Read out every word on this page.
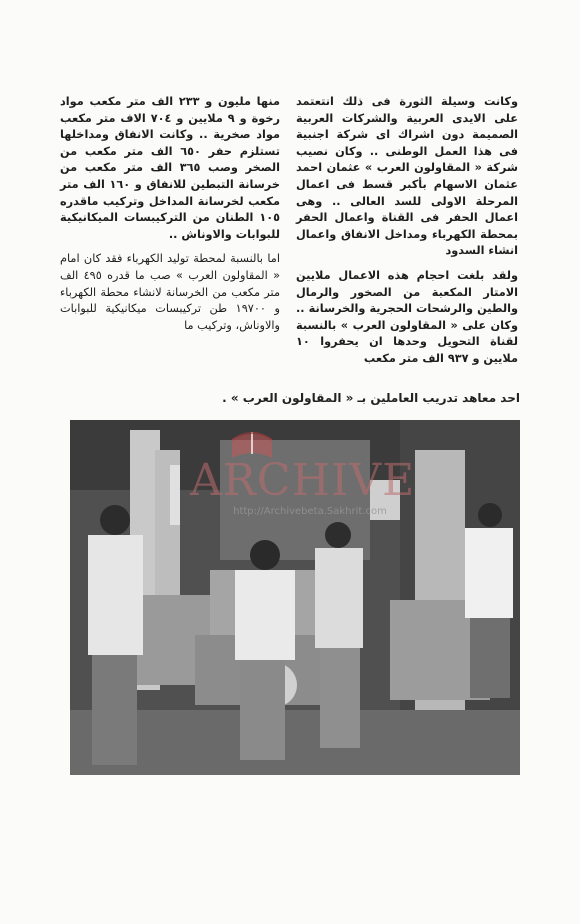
وكانت وسيلة الثورة فى ذلك انتعتمد على الايدى العربية والشركات العربية الصميمة دون اشراك اى شركة اجنبية فى هذا العمل الوطنى .. وكان نصيب شركة « المقاولون العرب » عثمان احمد عثمان الاسهام بأكبر قسط فى اعمال المرحلة الاولى للسد العالى .. وهى اعمال الحفر فى القناة واعمال الحفر بمحطة الكهرباء ومداخل الانفاق واعمال انشاء السدود

ولقد بلغت احجام هذه الاعمال ملايين الامتار المكعبة من الصخور والرمال والطين والرشحات الحجرية والخرسانة .. وكان على « المقاولون العرب » بالنسبة لقناة التحويل وحدها ان يحفروا ١٠ ملايين و ٩٣٧ الف متر مكعب

منها مليون و ٢٣٣ الف متر مكعب مواد رخوة و ٩ ملايين و ٧٠٤ الاف متر مكعب مواد صخرية .. وكانت الانفاق ومداخلها تستلزم حفر ٦٥٠ الف متر مكعب من الصخر وصب ٣٦٥ الف متر مكعب من خرسانة التبطين للانفاق و ١٦٠ الف متر مكعب لخرسانة المداخل وتركيب ماقدره ١٠٥ الطنان من التركيبسات الميكانيكية للبوابات والاوناش ..

اما بالنسبة لمحطة توليد الكهرباء فقد كان امام « المقاولون العرب » صب ما قدره ٤٩٥ الف متر مكعب من الخرسانة لانشاء محطة الكهرباء و ١٩٧٠٠ طن تركيبسات ميكانيكية للبوابات والاوناش، وتركيب ما

احد معاهد تدريب العاملين بـ « المقاولون العرب » .
ARCHIVE
http://Archivebeta.Sakhrit.com
